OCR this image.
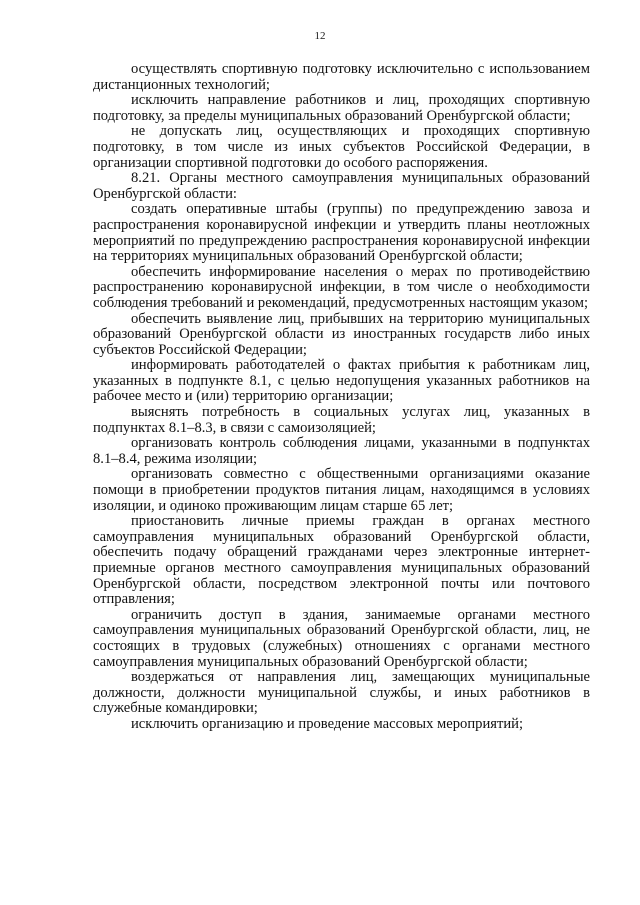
12

осуществлять спортивную подготовку исключительно с использованием дистанционных технологий;

исключить направление работников и лиц, проходящих спортивную подготовку, за пределы муниципальных образований Оренбургской области;

не допускать лиц, осуществляющих и проходящих спортивную подготовку, в том числе из иных субъектов Российской Федерации, в организации спортивной подготовки до особого распоряжения.

8.21. Органы местного самоуправления муниципальных образований Оренбургской области:

создать оперативные штабы (группы) по предупреждению завоза и распространения коронавирусной инфекции и утвердить планы неотложных мероприятий по предупреждению распространения коронавирусной инфекции на территориях муниципальных образований Оренбургской области;

обеспечить информирование населения о мерах по противодействию распространению коронавирусной инфекции, в том числе о необходимости соблюдения требований и рекомендаций, предусмотренных настоящим указом;

обеспечить выявление лиц, прибывших на территорию муниципальных образований Оренбургской области из иностранных государств либо иных субъектов Российской Федерации;

информировать работодателей о фактах прибытия к работникам лиц, указанных в подпункте 8.1, с целью недопущения указанных работников на рабочее место и (или) территорию организации;

выяснять потребность в социальных услугах лиц, указанных в подпунктах 8.1–8.3, в связи с самоизоляцией;

организовать контроль соблюдения лицами, указанными в подпунктах 8.1–8.4, режима изоляции;

организовать совместно с общественными организациями оказание помощи в приобретении продуктов питания лицам, находящимся в условиях изоляции, и одиноко проживающим лицам старше 65 лет;

приостановить личные приемы граждан в органах местного самоуправления муниципальных образований Оренбургской области, обеспечить подачу обращений гражданами через электронные интернет-приемные органов местного самоуправления муниципальных образований Оренбургской области, посредством электронной почты или почтового отправления;

ограничить доступ в здания, занимаемые органами местного самоуправления муниципальных образований Оренбургской области, лиц, не состоящих в трудовых (служебных) отношениях с органами местного самоуправления муниципальных образований Оренбургской области;

воздержаться от направления лиц, замещающих муниципальные должности, должности муниципальной службы, и иных работников в служебные командировки;

исключить организацию и проведение массовых мероприятий;
